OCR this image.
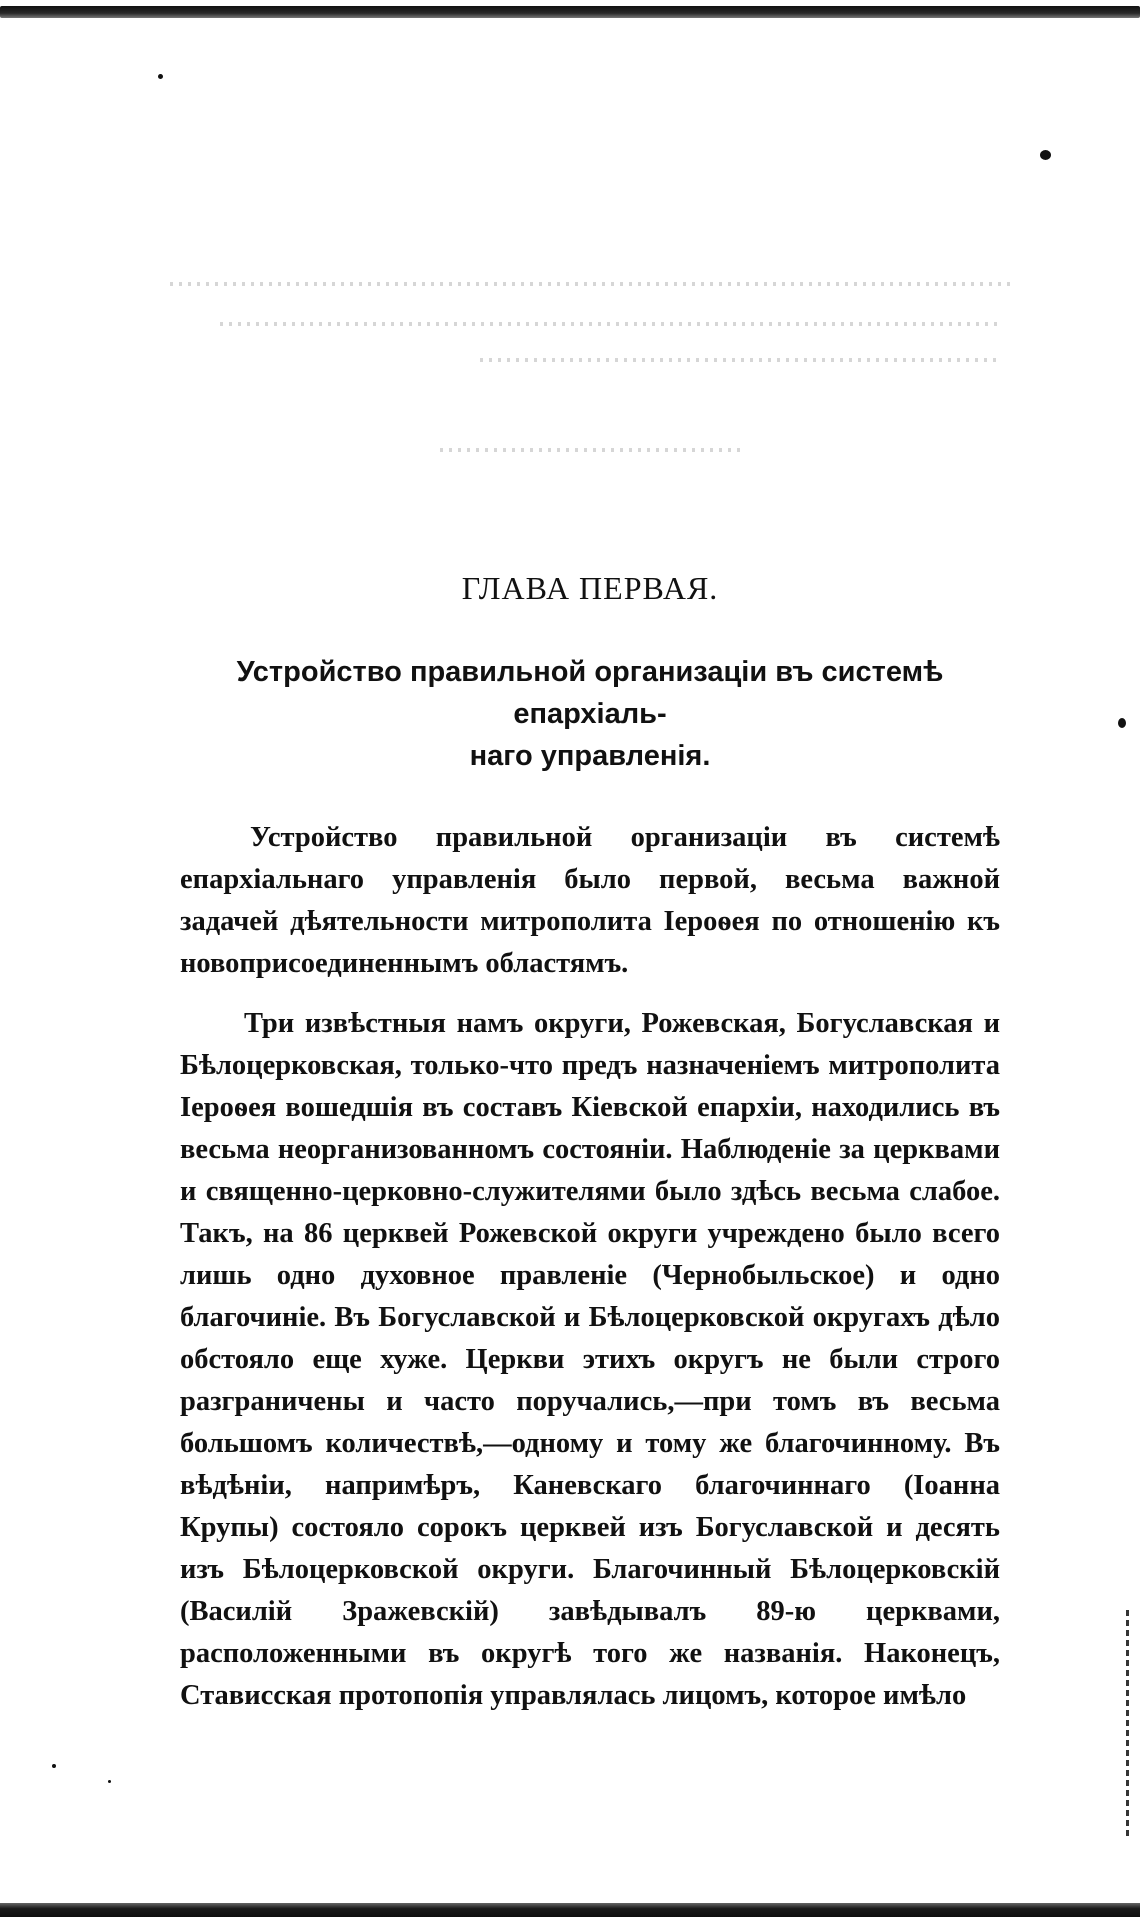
ГЛАВА ПЕРВАЯ.
Устройство правильной организаціи въ системѣ епархіаль-
наго управленія.

Устройство правильной организаціи въ системѣ епархіальнаго управленія было первой, весьма важной задачей дѣятельности митрополита Іероѳея по отношенію къ новоприсоединеннымъ областямъ.

Три извѣстныя намъ округи, Рожевская, Богуславская и Бѣлоцерковская, только-что предъ назначеніемъ митрополита Іероѳея вошедшія въ составъ Кіевской епархіи, находились въ весьма неорганизованномъ состояніи. Наблюденіе за церквами и священно-церковно-служителями было здѣсь весьма слабое. Такъ, на 86 церквей Рожевской округи учреждено было всего лишь одно духовное правленіе (Чернобыльское) и одно благочиніе. Въ Богуславской и Бѣлоцерковской округахъ дѣло обстояло еще хуже. Церкви этихъ округъ не были строго разграничены и часто поручались,—при томъ въ весьма большомъ количествѣ,—одному и тому же благочинному. Въ вѣдѣніи, напримѣръ, Каневскаго благочиннаго (Іоанна Крупы) состояло сорокъ церквей изъ Богуславской и десять изъ Бѣлоцерковской округи. Благочинный Бѣлоцерковскій (Василій Зражевскій) завѣдывалъ 89-ю церквами, расположенными въ округѣ того же названія. Наконецъ, Стависская протопопія управлялась лицомъ, которое имѣло
